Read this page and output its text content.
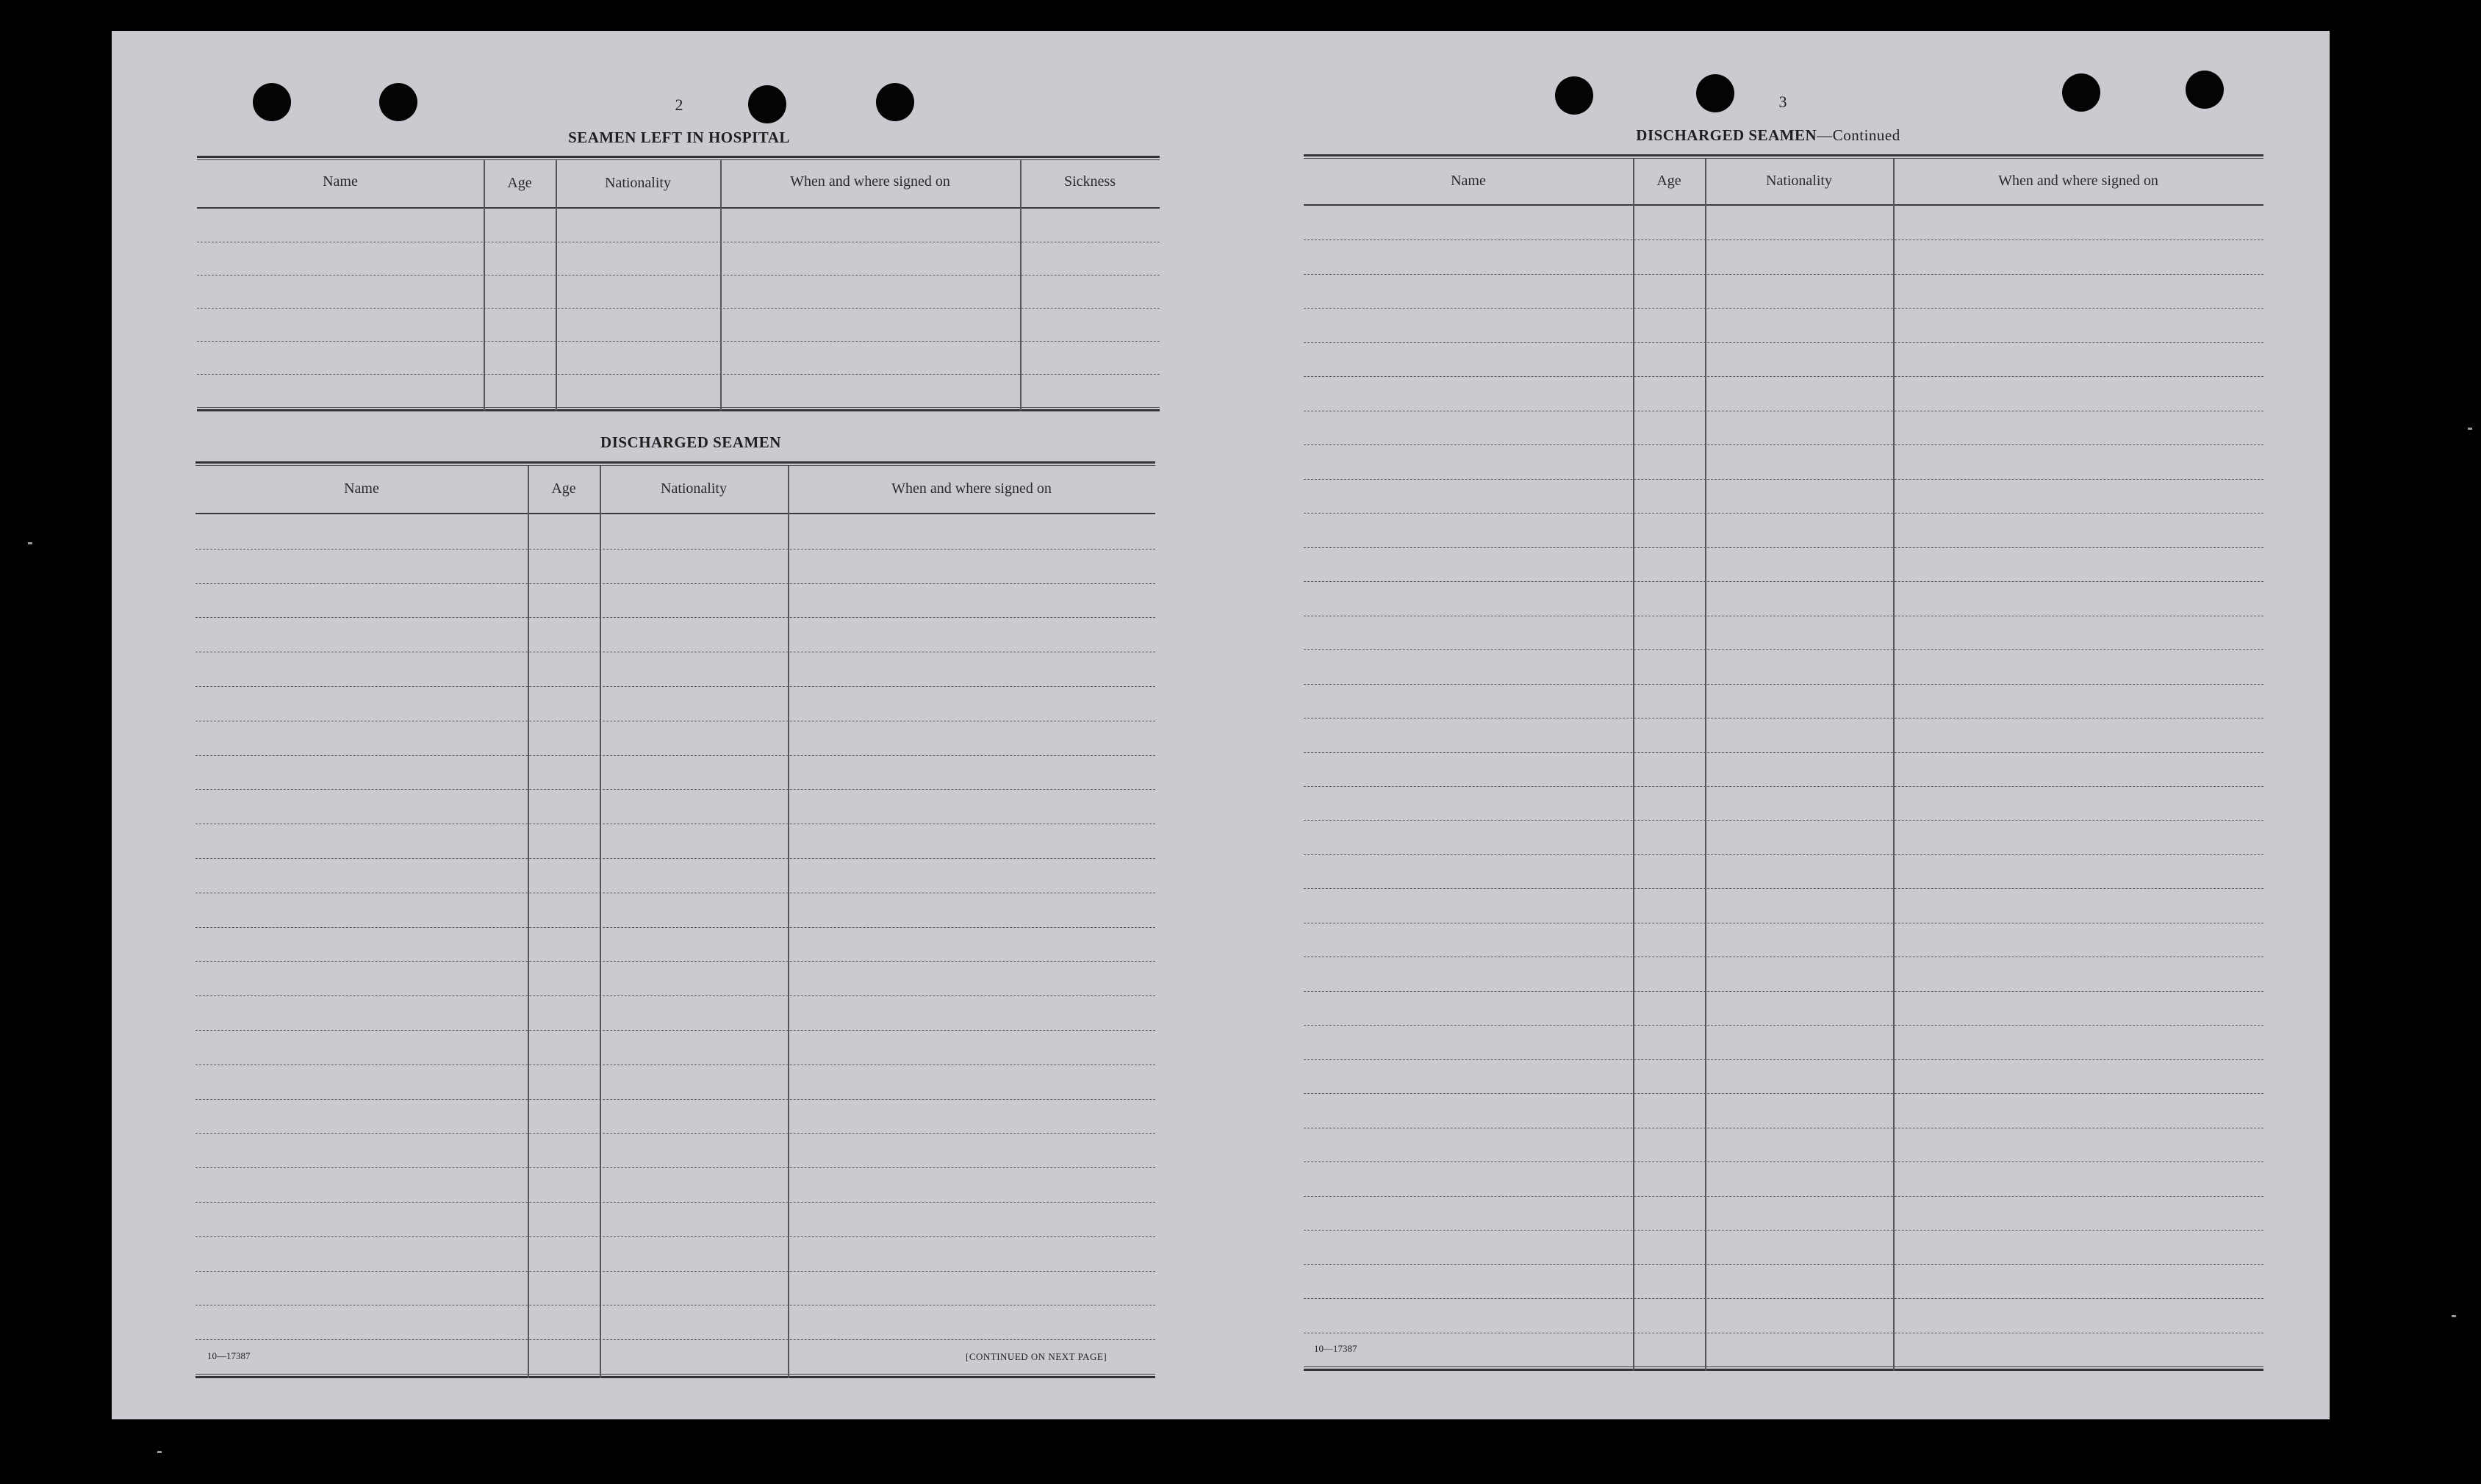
2
SEAMEN LEFT IN HOSPITAL
Name	Age	Nationality	When and where signed on	Sickness
DISCHARGED SEAMEN
Name	Age	Nationality	When and where signed on
10—17387	[CONTINUED ON NEXT PAGE]
3
DISCHARGED SEAMEN—Continued
Name	Age	Nationality	When and where signed on
10—17387
